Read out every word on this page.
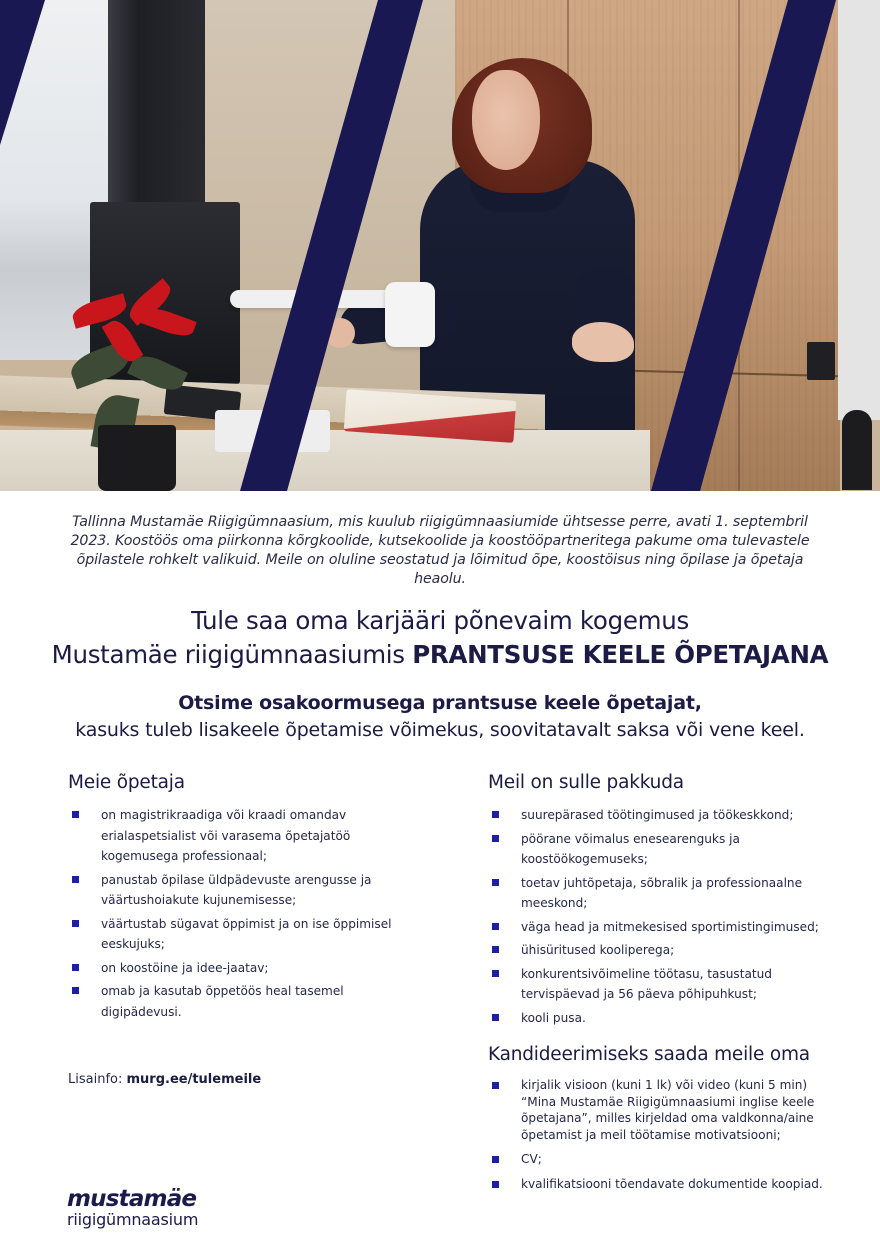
Tallinna Mustamäe Riigigümnaasium, mis kuulub riigigümnaasiumide ühtsesse perre, avati 1. septembril 2023. Koostöös oma piirkonna kõrgkoolide, kutsekoolide ja koostööpartneritega pakume oma tulevastele õpilastele rohkelt valikuid. Meile on oluline seostatud ja lõimitud õpe, koostöisus ning õpilase ja õpetaja heaolu.

Tule saa oma karjääri põnevaim kogemus
Mustamäe riigigümnaasiumis PRANTSUSE KEELE ÕPETAJANA
Otsime osakoormusega prantsuse keele õpetajat,
kasuks tuleb lisakeele õpetamise võimekus, soovitatavalt saksa või vene keel.
Meie õpetaja
on magistrikraadiga või kraadi omandav erialaspetsialist või varasema õpetajatöö kogemusega professionaal;
panustab õpilase üldpädevuste arengusse ja väärtushoiakute kujunemisesse;
väärtustab sügavat õppimist ja on ise õppimisel eeskujuks;
on koostöine ja idee-jaatav;
omab ja kasutab õppetöös heal tasemel digipädevusi.
Meil on sulle pakkuda
suurepärased töötingimused ja töökeskkond;
pöörane võimalus enesearenguks ja koostöökogemuseks;
toetav juhtõpetaja, sõbralik ja professionaalne meeskond;
väga head ja mitmekesised sportimistingimused;
ühisüritused kooliperega;
konkurentsivõimeline töötasu, tasustatud tervispäevad ja 56 päeva põhipuhkust;
kooli pusa.
Kandideerimiseks saada meile oma
kirjalik visioon (kuni 1 lk) või video (kuni 5 min) “Mina Mustamäe Riigigümnaasiumi inglise keele õpetajana”, milles kirjeldad oma valdkonna/aine õpetamist ja meil töötamise motivatsiooni;
CV;
kvalifikatsiooni tõendavate dokumentide koopiad.
Lisainfo: murg.ee/tulemeile
mustamäe
riigigümnaasium
